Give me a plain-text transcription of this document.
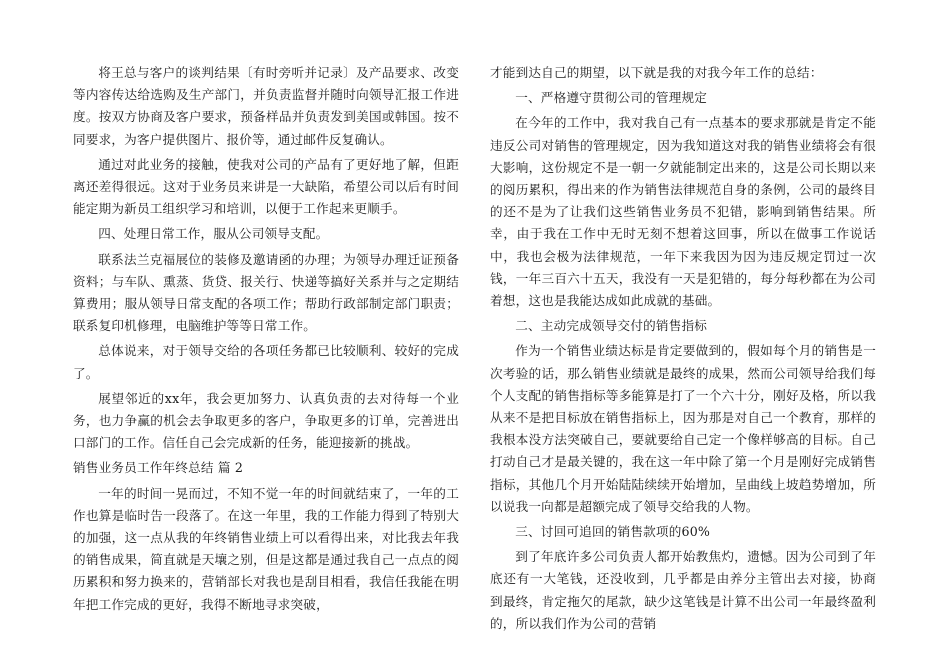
将王总与客户的谈判结果〔有时旁听并记录〕及产品要求、改变等内容传达给选购及生产部门，并负责监督并随时向领导汇报工作进度。按双方协商及客户要求，预备样品并负责发到美国或韩国。按不同要求，为客户提供图片、报价等，通过邮件反复确认。

通过对此业务的接触，使我对公司的产品有了更好地了解，但距离还差得很远。这对于业务员来讲是一大缺陷，希望公司以后有时间能定期为新员工组织学习和培训，以便于工作起来更顺手。

四、处理日常工作，服从公司领导支配。

联系法兰克福展位的装修及邀请函的办理；为领导办理迁证预备资料；与车队、熏蒸、货贷、报关行、快递等搞好关系并与之定期结算费用；服从领导日常支配的各项工作；帮助行政部制定部门职责；联系复印机修理，电脑维护等等日常工作。

总体说来，对于领导交给的各项任务都已比较顺利、较好的完成了。

展望邻近的xx年，我会更加努力、认真负责的去对待每一个业务，也力争赢的机会去争取更多的客户，争取更多的订单，完善进出口部门的工作。信任自己会完成新的任务，能迎接新的挑战。

销售业务员工作年终总结 篇 2

一年的时间一晃而过，不知不觉一年的时间就结束了，一年的工作也算是临时告一段落了。在这一年里，我的工作能力得到了特别大的加强，这一点从我的年终销售业绩上可以看得出来，对比我去年我的销售成果，简直就是天壤之别，但是这都是通过我自己一点点的阅历累积和努力换来的，营销部长对我也是刮目相看，我信任我能在明年把工作完成的更好，我得不断地寻求突破，

才能到达自己的期望，以下就是我的对我今年工作的总结：

一、严格遵守贯彻公司的管理规定

在今年的工作中，我对我自己有一点基本的要求那就是肯定不能违反公司对销售的管理规定，因为我知道这对我的销售业绩将会有很大影响，这份规定不是一朝一夕就能制定出来的，这是公司长期以来的阅历累积，得出来的作为销售法律规范自身的条例，公司的最终目的还不是为了让我们这些销售业务员不犯错，影响到销售结果。所幸，由于我在工作中无时无刻不想着这回事，所以在做事工作说话中，我也会极为法律规范，一年下来我因为因为违反规定罚过一次钱，一年三百六十五天，我没有一天是犯错的，每分每秒都在为公司着想，这也是我能达成如此成就的基础。

二、主动完成领导交付的销售指标

作为一个销售业绩达标是肯定要做到的，假如每个月的销售是一次考验的话，那么销售业绩就是最终的成果，然而公司领导给我们每个人支配的销售指标等多能算是打了一个六十分，刚好及格，所以我从来不是把目标放在销售指标上，因为那是对自己一个教育，那样的我根本没方法突破自己，要就要给自己定一个像样够高的目标。自己打动自己才是最关键的，我在这一年中除了第一个月是刚好完成销售指标，其他几个月开始陆陆续续开始增加，呈曲线上坡趋势增加，所以说我一向都是超额完成了领导交给我的人物。

三、讨回可追回的销售款项的60%

到了年底许多公司负责人都开始教焦灼，遗憾。因为公司到了年底还有一大笔钱，还没收到，几乎都是由养分主管出去对接，协商 到最终，肯定拖欠的尾款，缺少这笔钱是计算不出公司一年最终盈利的，所以我们作为公司的营销
